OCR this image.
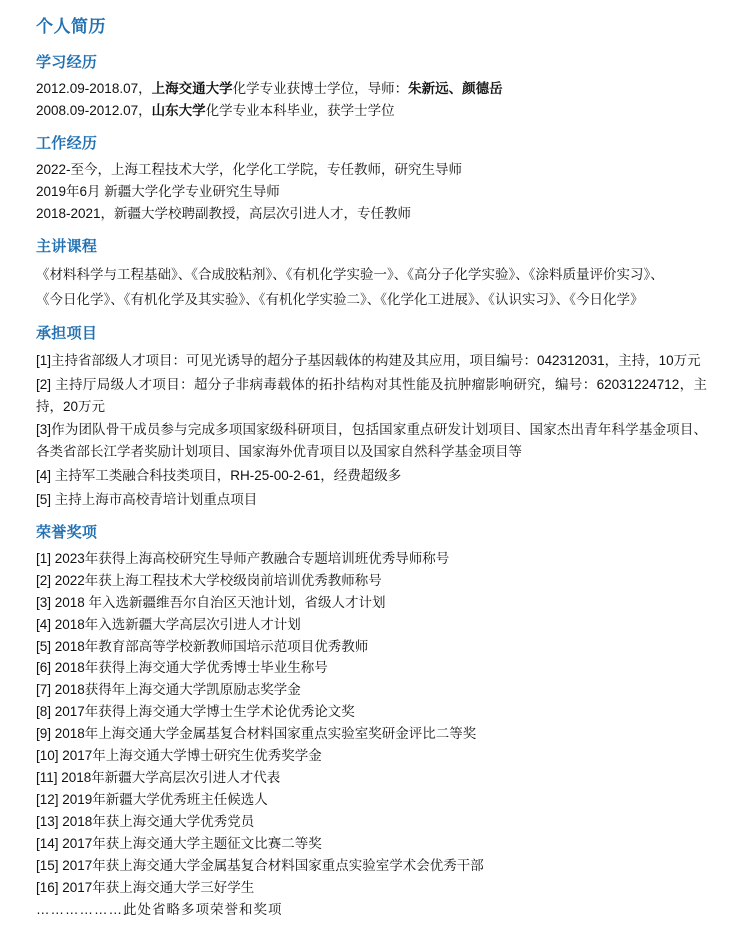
个人简历
学习经历
2012.09-2018.07，上海交通大学化学专业获博士学位，导师：朱新远、颜德岳
2008.09-2012.07，山东大学化学专业本科毕业，获学士学位
工作经历
2022-至今，上海工程技术大学，化学化工学院，专任教师，研究生导师
2019年6月 新疆大学化学专业研究生导师
2018-2021，新疆大学校聘副教授，高层次引进人才，专任教师
主讲课程
《材料科学与工程基础》、《合成胶粘剂》、《有机化学实验一》、《高分子化学实验》、《涂料质量评价实习》、
《今日化学》、《有机化学及其实验》、《有机化学实验二》、《化学化工进展》、《认识实习》、《今日化学》
承担项目
[1]主持省部级人才项目：可见光诱导的超分子基因载体的构建及其应用，项目编号：042312031，主持，10万元
[2] 主持厅局级人才项目：超分子非病毒载体的拓扑结构对其性能及抗肿瘤影响研究，编号：62031224712，主持，20万元
[3]作为团队骨干成员参与完成多项国家级科研项目，包括国家重点研发计划项目、国家杰出青年科学基金项目、各类省部长江学者奖励计划项目、国家海外优青项目以及国家自然科学基金项目等
[4] 主持军工类融合科技类项目，RH-25-00-2-61，经费超级多
[5] 主持上海市高校青培计划重点项目
荣誉奖项
[1] 2023年获得上海高校研究生导师产教融合专题培训班优秀导师称号
[2] 2022年获上海工程技术大学校级岗前培训优秀教师称号
[3] 2018 年入选新疆维吾尔自治区天池计划，省级人才计划
[4] 2018年入选新疆大学高层次引进人才计划
[5] 2018年教育部高等学校新教师国培示范项目优秀教师
[6] 2018年获得上海交通大学优秀博士毕业生称号
[7] 2018获得年上海交通大学凯原励志奖学金
[8] 2017年获得上海交通大学博士生学术论优秀论文奖
[9] 2018年上海交通大学金属基复合材料国家重点实验室奖研金评比二等奖
[10] 2017年上海交通大学博士研究生优秀奖学金
[11] 2018年新疆大学高层次引进人才代表
[12] 2019年新疆大学优秀班主任候选人
[13] 2018年获上海交通大学优秀党员
[14] 2017年获上海交通大学主题征文比赛二等奖
[15] 2017年获上海交通大学金属基复合材料国家重点实验室学术会优秀干部
[16] 2017年获上海交通大学三好学生
………………此处省略多项荣誉和奖项
